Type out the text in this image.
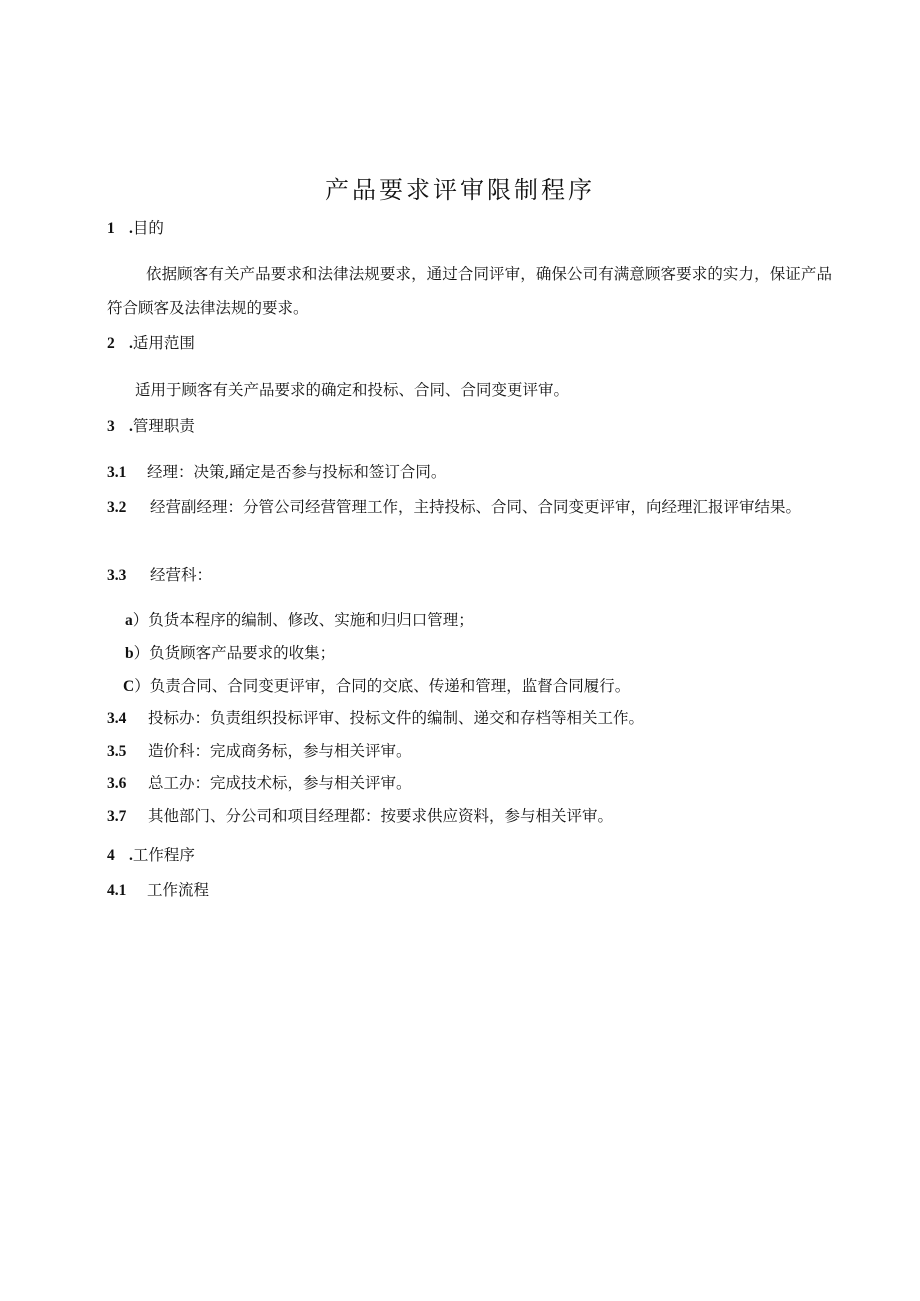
产品要求评审限制程序
1 .目的
依据顾客有关产品要求和法律法规要求，通过合同评审，确保公司有满意顾客要求的实力，保证产品符合顾客及法律法规的要求。
2 .适用范围
适用于顾客有关产品要求的确定和投标、合同、合同变更评审。
3 .管理职责
3.1 经理：决策,踊定是否参与投标和签订合同。
3.2 经营副经理：分管公司经营管理工作，主持投标、合同、合同变更评审，向经理汇报评审结果。
3.3 经营科：
a）负货本程序的编制、修改、实施和归归口管理；
b）负货顾客产品要求的收集；
C）负责合同、合同变更评审，合同的交底、传递和管理，监督合同履行。
3.4 投标办：负责组织投标评审、投标文件的编制、递交和存档等相关工作。
3.5 造价科：完成商务标，参与相关评审。
3.6 总工办：完成技术标，参与相关评审。
3.7 其他部门、分公司和项目经理都：按要求供应资料，参与相关评审。
4 .工作程序
4.1 工作流程
